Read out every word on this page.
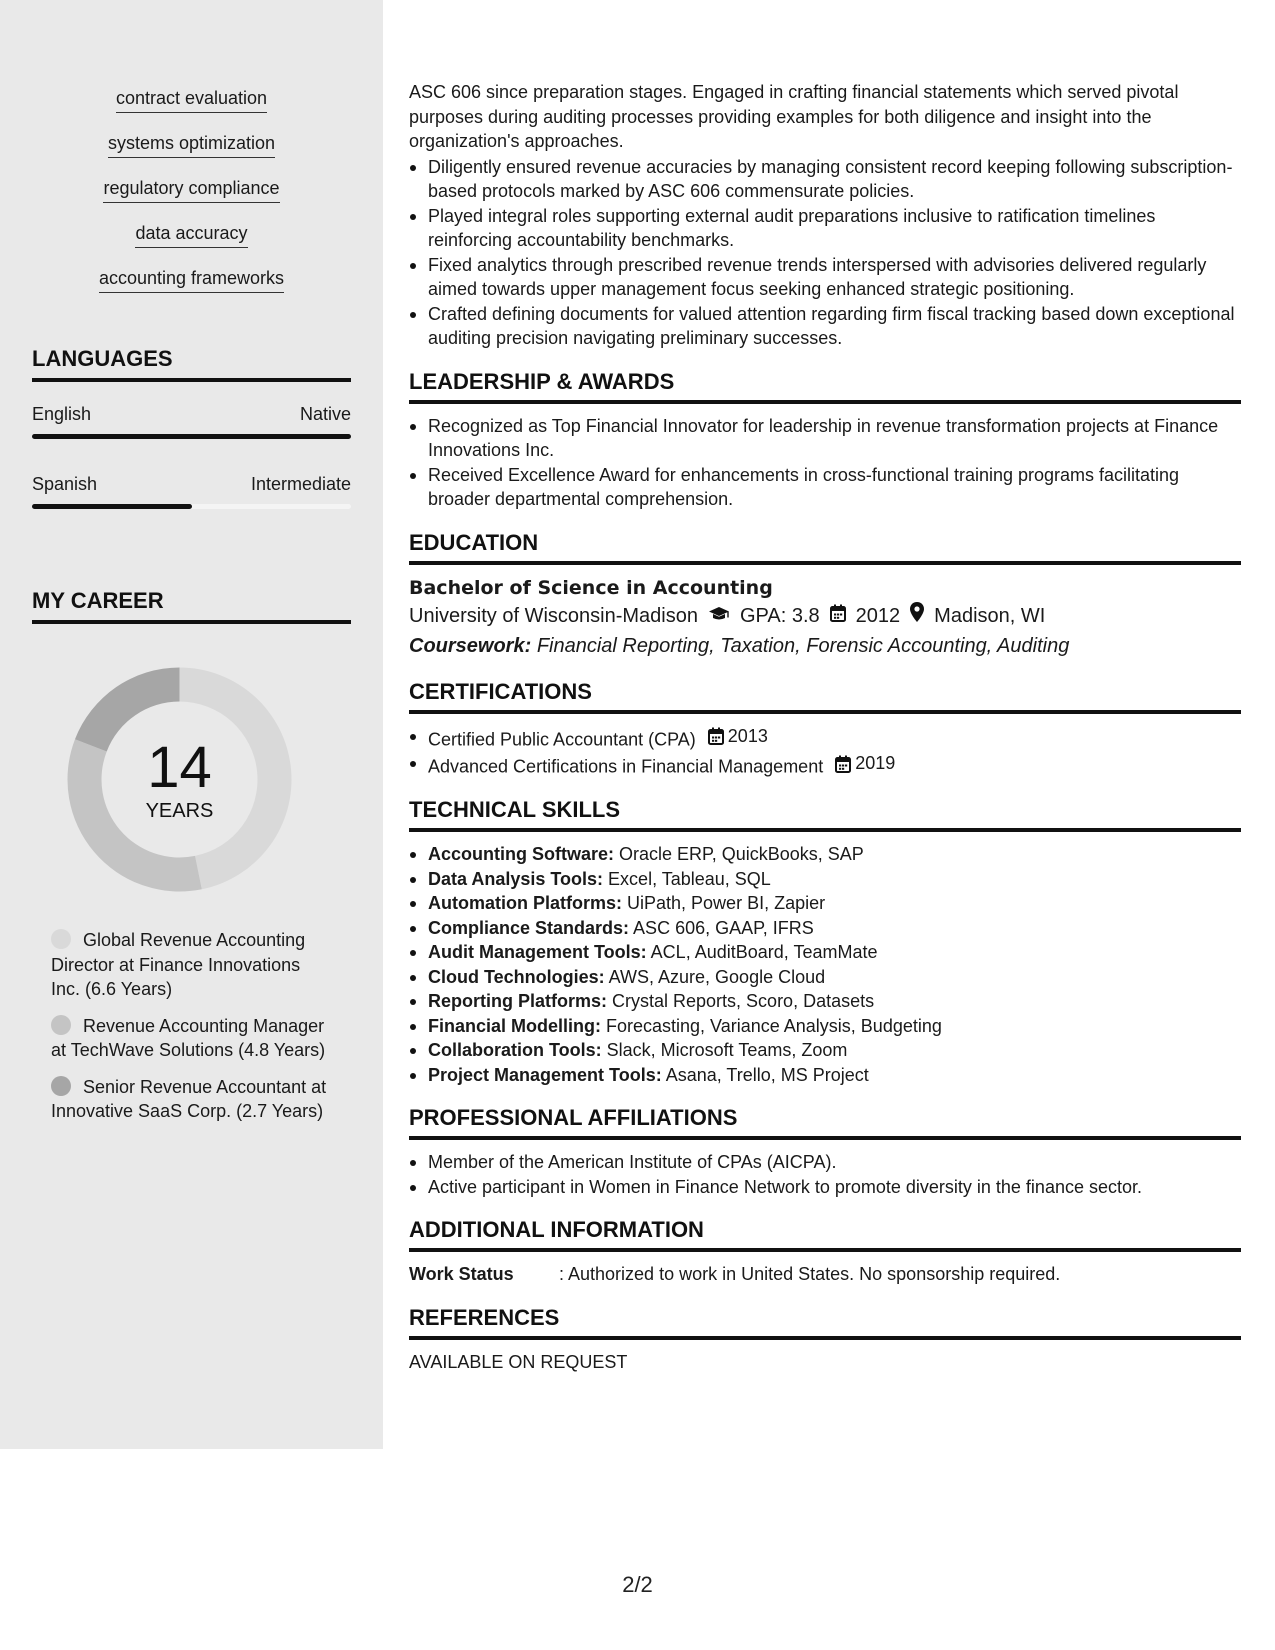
contract evaluation
systems optimization
regulatory compliance
data accuracy
accounting frameworks
LANGUAGES
English	Native
Spanish	Intermediate
MY CAREER
14
YEARS
Global Revenue Accounting Director at Finance Innovations Inc. (6.6 Years)
Revenue Accounting Manager at TechWave Solutions (4.8 Years)
Senior Revenue Accountant at Innovative SaaS Corp. (2.7 Years)

ASC 606 since preparation stages. Engaged in crafting financial statements which served pivotal purposes during auditing processes providing examples for both diligence and insight into the organization's approaches.

Diligently ensured revenue accuracies by managing consistent record keeping following subscription-based protocols marked by ASC 606 commensurate policies.
Played integral roles supporting external audit preparations inclusive to ratification timelines reinforcing accountability benchmarks.
Fixed analytics through prescribed revenue trends interspersed with advisories delivered regularly aimed towards upper management focus seeking enhanced strategic positioning.
Crafted defining documents for valued attention regarding firm fiscal tracking based down exceptional auditing precision navigating preliminary successes.
LEADERSHIP & AWARDS
Recognized as Top Financial Innovator for leadership in revenue transformation projects at Finance Innovations Inc.
Received Excellence Award for enhancements in cross-functional training programs facilitating broader departmental comprehension.
EDUCATION
Bachelor of Science in Accounting
University of Wisconsin-Madison GPA: 3.8 2012 Madison, WI
Coursework: Financial Reporting, Taxation, Forensic Accounting, Auditing
CERTIFICATIONS
Certified Public Accountant (CPA) 2013
Advanced Certifications in Financial Management 2019
TECHNICAL SKILLS
Accounting Software: Oracle ERP, QuickBooks, SAP
Data Analysis Tools: Excel, Tableau, SQL
Automation Platforms: UiPath, Power BI, Zapier
Compliance Standards: ASC 606, GAAP, IFRS
Audit Management Tools: ACL, AuditBoard, TeamMate
Cloud Technologies: AWS, Azure, Google Cloud
Reporting Platforms: Crystal Reports, Scoro, Datasets
Financial Modelling: Forecasting, Variance Analysis, Budgeting
Collaboration Tools: Slack, Microsoft Teams, Zoom
Project Management Tools: Asana, Trello, MS Project
PROFESSIONAL AFFILIATIONS
Member of the American Institute of CPAs (AICPA).
Active participant in Women in Finance Network to promote diversity in the finance sector.
ADDITIONAL INFORMATION
Work Status	: Authorized to work in United States. No sponsorship required.
REFERENCES
AVAILABLE ON REQUEST
2/2
